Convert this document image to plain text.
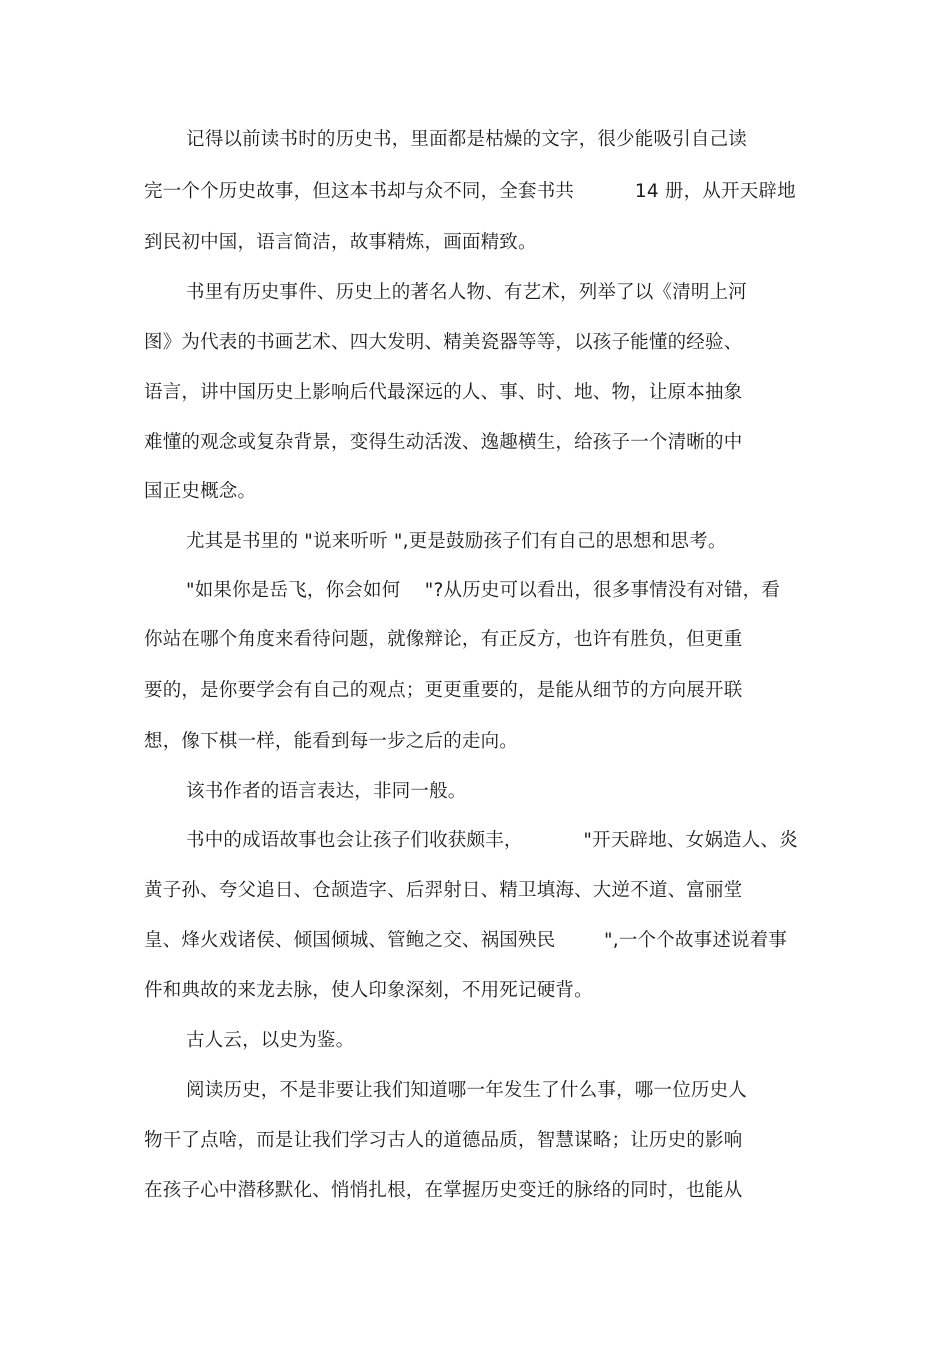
记得以前读书时的历史书，里面都是枯燥的文字，很少能吸引自己读
完一个个历史故事，但这本书却与众不同，全套书共          14 册，从开天辟地
到民初中国，语言简洁，故事精炼，画面精致。
书里有历史事件、历史上的著名人物、有艺术，列举了以《清明上河
图》为代表的书画艺术、四大发明、精美瓷器等等，以孩子能懂的经验、
语言，讲中国历史上影响后代最深远的人、事、时、地、物，让原本抽象
难懂的观念或复杂背景，变得生动活泼、逸趣横生，给孩子一个清晰的中
国正史概念。
尤其是书里的 "说来听听 ",更是鼓励孩子们有自己的思想和思考。
"如果你是岳飞，你会如何    "?从历史可以看出，很多事情没有对错，看
你站在哪个角度来看待问题，就像辩论，有正反方，也许有胜负，但更重
要的，是你要学会有自己的观点；更更重要的，是能从细节的方向展开联
想，像下棋一样，能看到每一步之后的走向。
该书作者的语言表达，非同一般。
书中的成语故事也会让孩子们收获颇丰，          "开天辟地、女娲造人、炎
黄子孙、夸父追日、仓颉造字、后羿射日、精卫填海、大逆不道、富丽堂
皇、烽火戏诸侯、倾国倾城、管鲍之交、祸国殃民        ",一个个故事述说着事
件和典故的来龙去脉，使人印象深刻，不用死记硬背。
古人云，以史为鉴。
阅读历史，不是非要让我们知道哪一年发生了什么事，哪一位历史人
物干了点啥，而是让我们学习古人的道德品质，智慧谋略；让历史的影响
在孩子心中潜移默化、悄悄扎根，在掌握历史变迁的脉络的同时，也能从
